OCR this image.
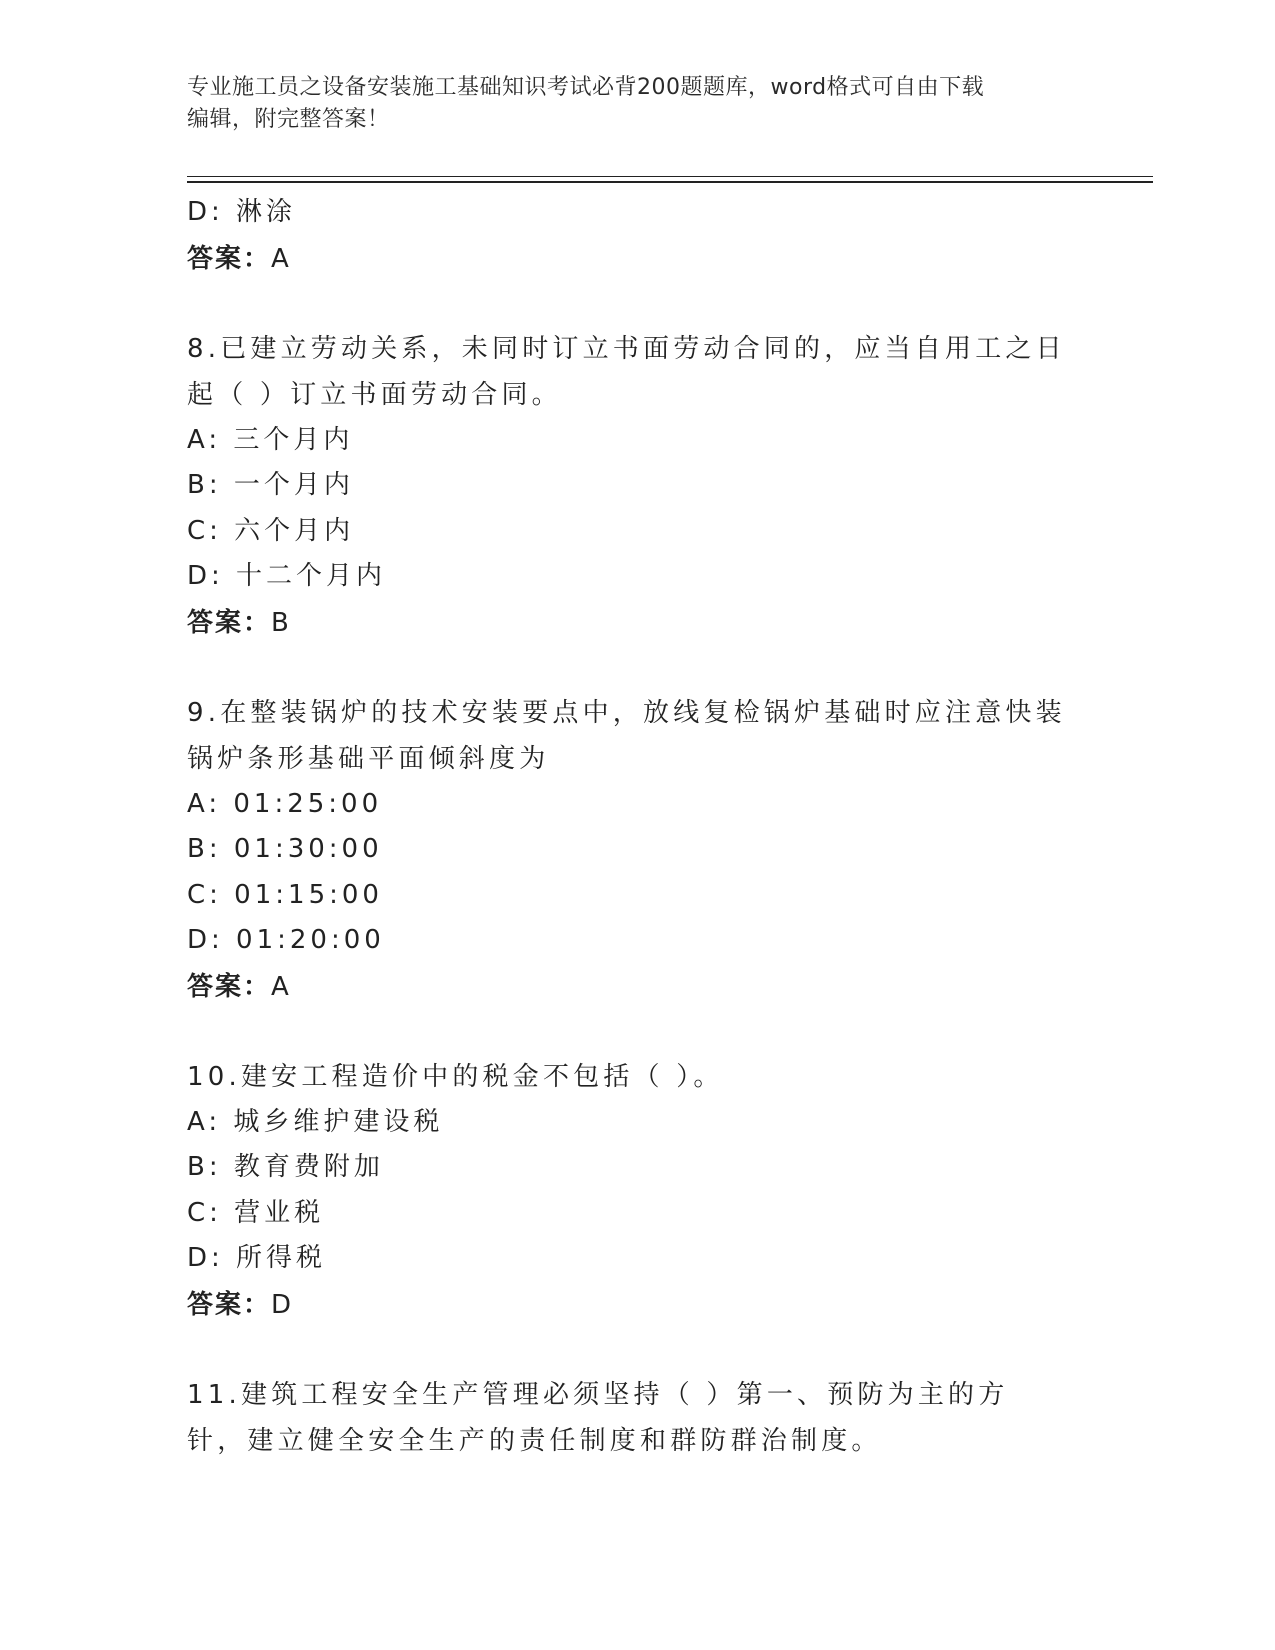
专业施工员之设备安装施工基础知识考试必背200题题库，word格式可自由下载
编辑，附完整答案！
D: 淋涂
答案：A
8.已建立劳动关系，未同时订立书面劳动合同的，应当自用工之日起（ ）订立书面劳动合同。
A: 三个月内
B: 一个月内
C: 六个月内
D: 十二个月内
答案：B
9.在整装锅炉的技术安装要点中，放线复检锅炉基础时应注意快装锅炉条形基础平面倾斜度为
A: 01:25:00
B: 01:30:00
C: 01:15:00
D: 01:20:00
答案：A
10.建安工程造价中的税金不包括（ ）。
A: 城乡维护建设税
B: 教育费附加
C: 营业税
D: 所得税
答案：D
11.建筑工程安全生产管理必须坚持（ ）第一、预防为主的方针，建立健全安全生产的责任制度和群防群治制度。
